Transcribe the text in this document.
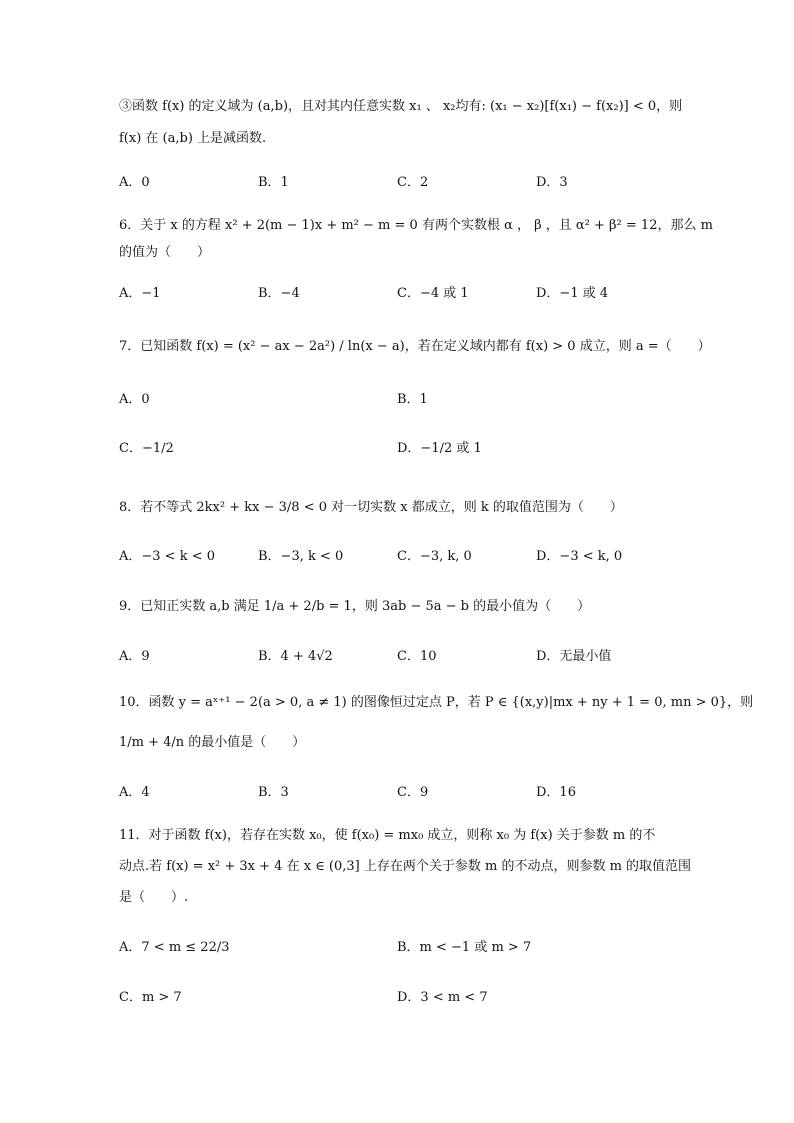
③函数 f(x) 的定义域为 (a,b)，且对其内任意实数 x₁ 、 x₂均有: (x₁ − x₂)[f(x₁) − f(x₂)] < 0，则
f(x) 在 (a,b) 上是减函数.
A．0	B．1	C．2	D．3
6．关于 x 的方程 x² + 2(m − 1)x + m² − m = 0 有两个实数根 α ， β ，且 α² + β² = 12，那么 m
的值为（　　）
A．−1	B．−4	C．−4 或 1	D．−1 或 4
7．已知函数 f(x) = (x² − ax − 2a²) / ln(x − a)，若在定义域内都有 f(x) > 0 成立，则 a =（　　）
A．0	B．1
C．−1/2	D．−1/2 或 1
8．若不等式 2kx² + kx − 3/8 < 0 对一切实数 x 都成立，则 k 的取值范围为（　　）
A．−3 < k < 0	B．−3, k < 0	C．−3, k, 0	D．−3 < k, 0
9．已知正实数 a,b 满足 1/a + 2/b = 1，则 3ab − 5a − b 的最小值为（　　）
A．9	B．4 + 4√2	C．10	D．无最小值
10．函数 y = aˣ⁺¹ − 2(a > 0, a ≠ 1) 的图像恒过定点 P，若 P ∈ {(x,y)|mx + ny + 1 = 0, mn > 0}，则
1/m + 4/n 的最小值是（　　）
A．4	B．3	C．9	D．16
11．对于函数 f(x)，若存在实数 x₀，使 f(x₀) = mx₀ 成立，则称 x₀ 为 f(x) 关于参数 m 的不
动点.若 f(x) = x² + 3x + 4 在 x ∈ (0,3] 上存在两个关于参数 m 的不动点，则参数 m 的取值范围
是（　　）.
A．7 < m ≤ 22/3	B．m < −1 或 m > 7
C．m > 7	D．3 < m < 7
